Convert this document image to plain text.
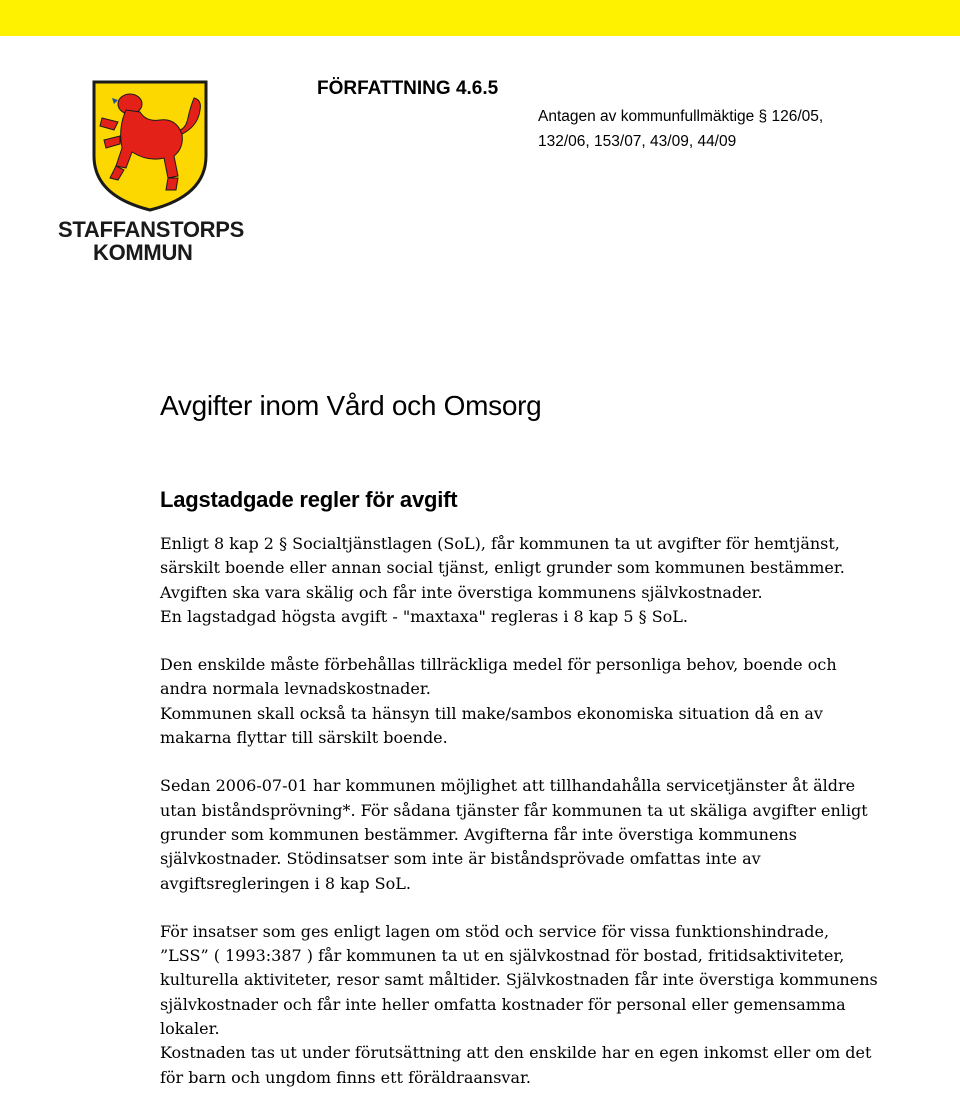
STAFFANSTORPS

KOMMUN
FÖRFATTNING 4.6.5
Antagen av kommunfullmäktige § 126/05,
132/06, 153/07, 43/09, 44/09
Avgifter inom Vård och Omsorg
Lagstadgade regler för avgift

Enligt 8 kap 2 § Socialtjänstlagen (SoL), får kommunen ta ut avgifter för hemtjänst, särskilt boende eller annan social tjänst, enligt grunder som kommunen bestämmer.

Avgiften ska vara skälig och får inte överstiga kommunens självkostnader.

En lagstadgad högsta avgift - "maxtaxa" regleras i 8 kap 5 § SoL.

Den enskilde måste förbehållas tillräckliga medel för personliga behov, boende och andra normala levnadskostnader.

Kommunen skall också ta hänsyn till make/sambos ekonomiska situation då en av makarna flyttar till särskilt boende.

Sedan 2006-07-01 har kommunen möjlighet att tillhandahålla servicetjänster åt äldre utan biståndsprövning*. För sådana tjänster får kommunen ta ut skäliga avgifter enligt grunder som kommunen bestämmer. Avgifterna får inte överstiga kommunens självkostnader. Stödinsatser som inte är biståndsprövade omfattas inte av avgiftsregleringen i 8 kap SoL.

För insatser som ges enligt lagen om stöd och service för vissa funktionshindrade, ”LSS” ( 1993:387 ) får kommunen ta ut en självkostnad för bostad, fritidsaktiviteter, kulturella aktiviteter, resor samt måltider. Självkostnaden får inte överstiga kommunens självkostnader och får inte heller omfatta kostnader för personal eller gemensamma lokaler.

Kostnaden tas ut under förutsättning att den enskilde har en egen inkomst eller om det för barn och ungdom finns ett föräldraansvar.
